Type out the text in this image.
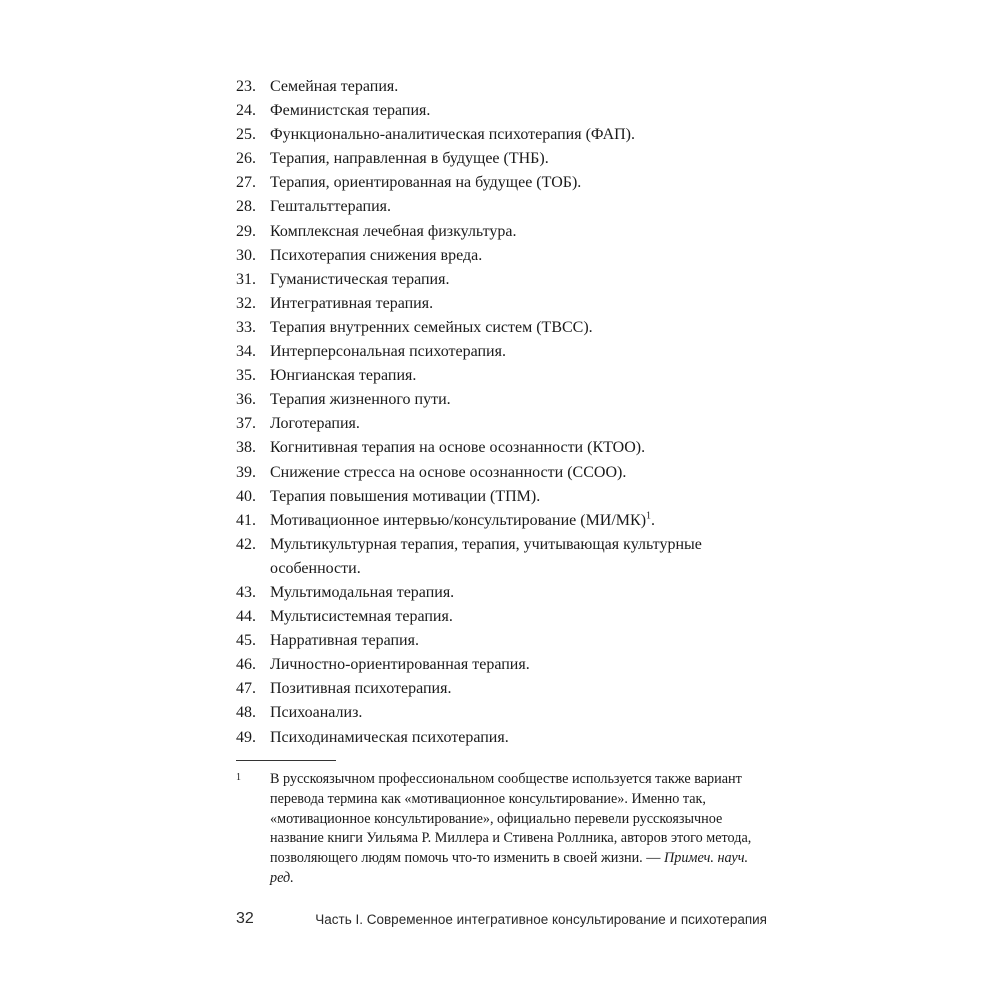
23. Семейная терапия.
24. Феминистская терапия.
25. Функционально-аналитическая психотерапия (ФАП).
26. Терапия, направленная в будущее (ТНБ).
27. Терапия, ориентированная на будущее (ТОБ).
28. Гештальттерапия.
29. Комплексная лечебная физкультура.
30. Психотерапия снижения вреда.
31. Гуманистическая терапия.
32. Интегративная терапия.
33. Терапия внутренних семейных систем (ТВСС).
34. Интерперсональная психотерапия.
35. Юнгианская терапия.
36. Терапия жизненного пути.
37. Логотерапия.
38. Когнитивная терапия на основе осознанности (КТОО).
39. Снижение стресса на основе осознанности (ССОО).
40. Терапия повышения мотивации (ТПМ).
41. Мотивационное интервью/консультирование $(МИ/МК)^1$.
42. Мультикультурная терапия, терапия, учитывающая культурные особенности.
43. Мультимодальная терапия.
44. Мультисистемная терапия.
45. Нарративная терапия.
46. Личностно-ориентированная терапия.
47. Позитивная психотерапия.
48. Психоанализ.
49. Психодинамическая психотерапия.
1	В русскоязычном профессиональном сообществе используется также вариант перевода термина как «мотивационное консультирование». Именно так, «мотивационное консультирование», официально перевели русскоязычное название книги Уильяма Р. Миллера и Стивена Роллника, авторов этого метода, позволяющего людям помочь что-то изменить в своей жизни. — Примеч. науч. ред.
32	Часть I. Современное интегративное консультирование и психотерапия
